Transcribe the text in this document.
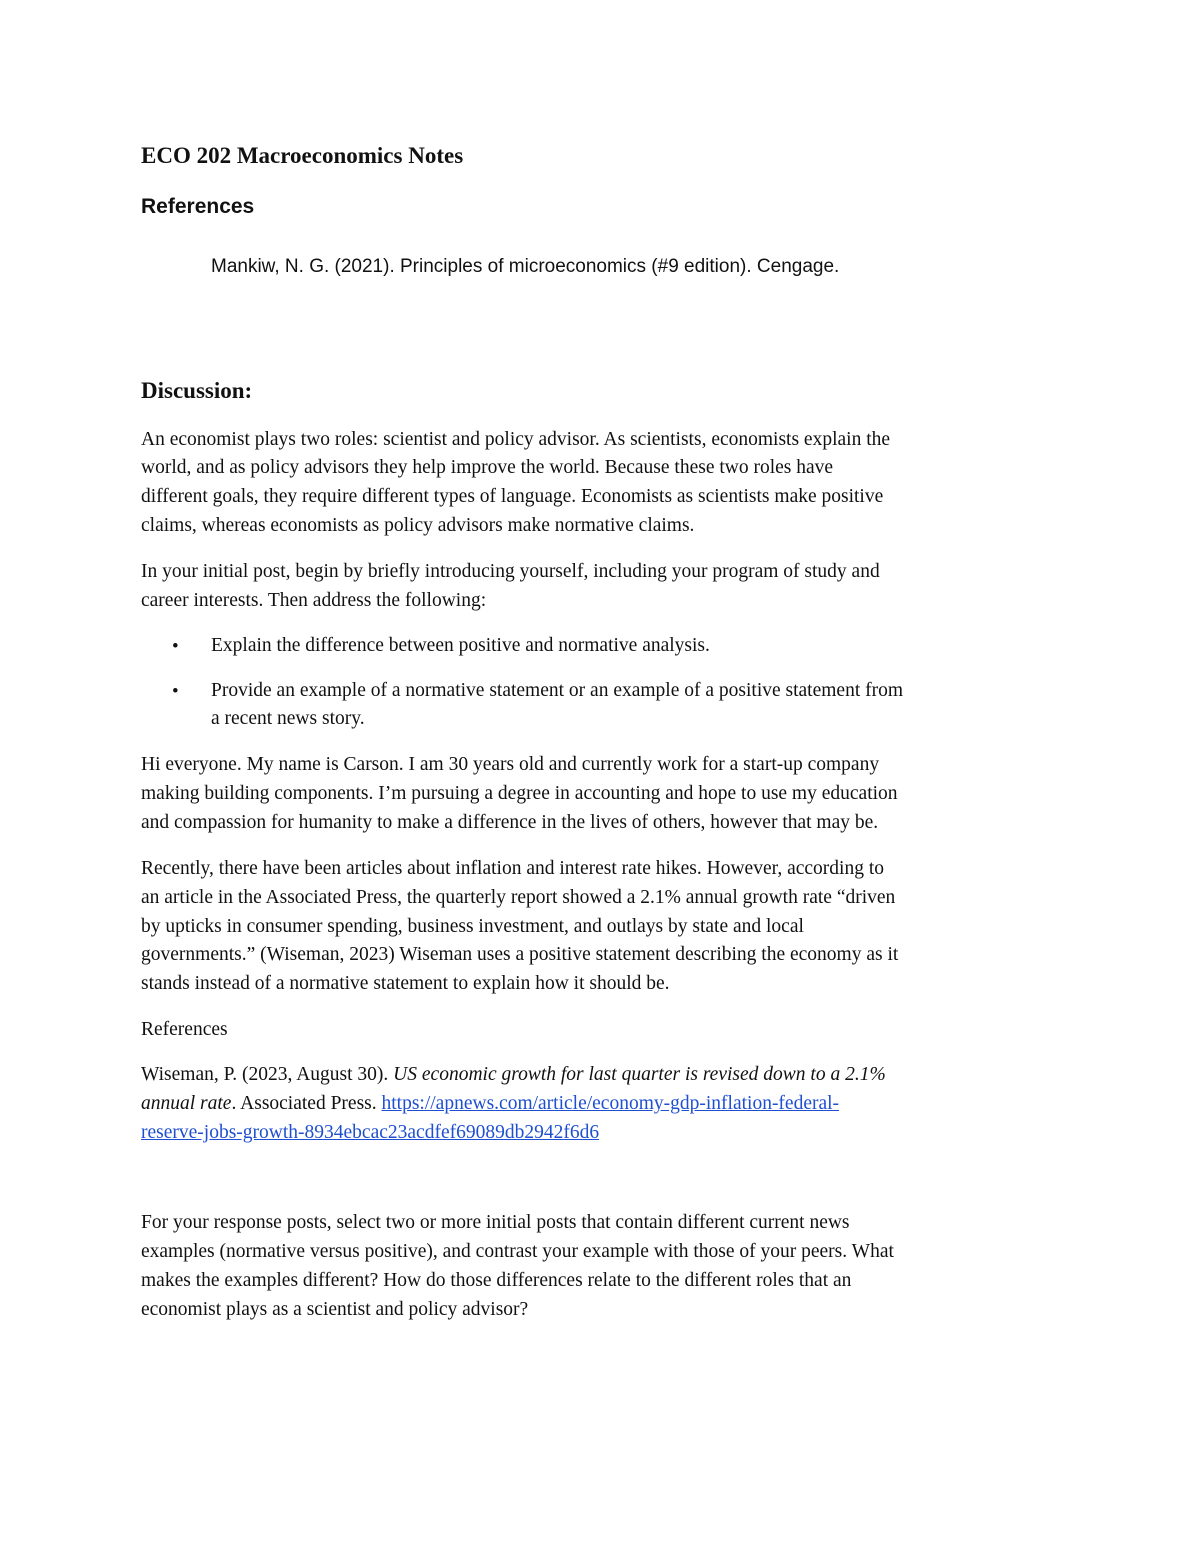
ECO 202 Macroeconomics Notes
References
Mankiw, N. G. (2021). Principles of microeconomics (#9 edition). Cengage.
Discussion:
An economist plays two roles: scientist and policy advisor. As scientists, economists explain the
world, and as policy advisors they help improve the world. Because these two roles have
different goals, they require different types of language. Economists as scientists make positive
claims, whereas economists as policy advisors make normative claims.
In your initial post, begin by briefly introducing yourself, including your program of study and
career interests. Then address the following:
• Explain the difference between positive and normative analysis.
• Provide an example of a normative statement or an example of a positive statement from
a recent news story.
Hi everyone. My name is Carson. I am 30 years old and currently work for a start-up company
making building components. I’m pursuing a degree in accounting and hope to use my education
and compassion for humanity to make a difference in the lives of others, however that may be.
Recently, there have been articles about inflation and interest rate hikes. However, according to
an article in the Associated Press, the quarterly report showed a 2.1% annual growth rate “driven
by upticks in consumer spending, business investment, and outlays by state and local
governments.” (Wiseman, 2023) Wiseman uses a positive statement describing the economy as it
stands instead of a normative statement to explain how it should be.
References
Wiseman, P. (2023, August 30). US economic growth for last quarter is revised down to a 2.1%
annual rate. Associated Press. https://apnews.com/article/economy-gdp-inflation-federal-
reserve-jobs-growth-8934ebcac23acdfef69089db2942f6d6
For your response posts, select two or more initial posts that contain different current news
examples (normative versus positive), and contrast your example with those of your peers. What
makes the examples different? How do those differences relate to the different roles that an
economist plays as a scientist and policy advisor?
